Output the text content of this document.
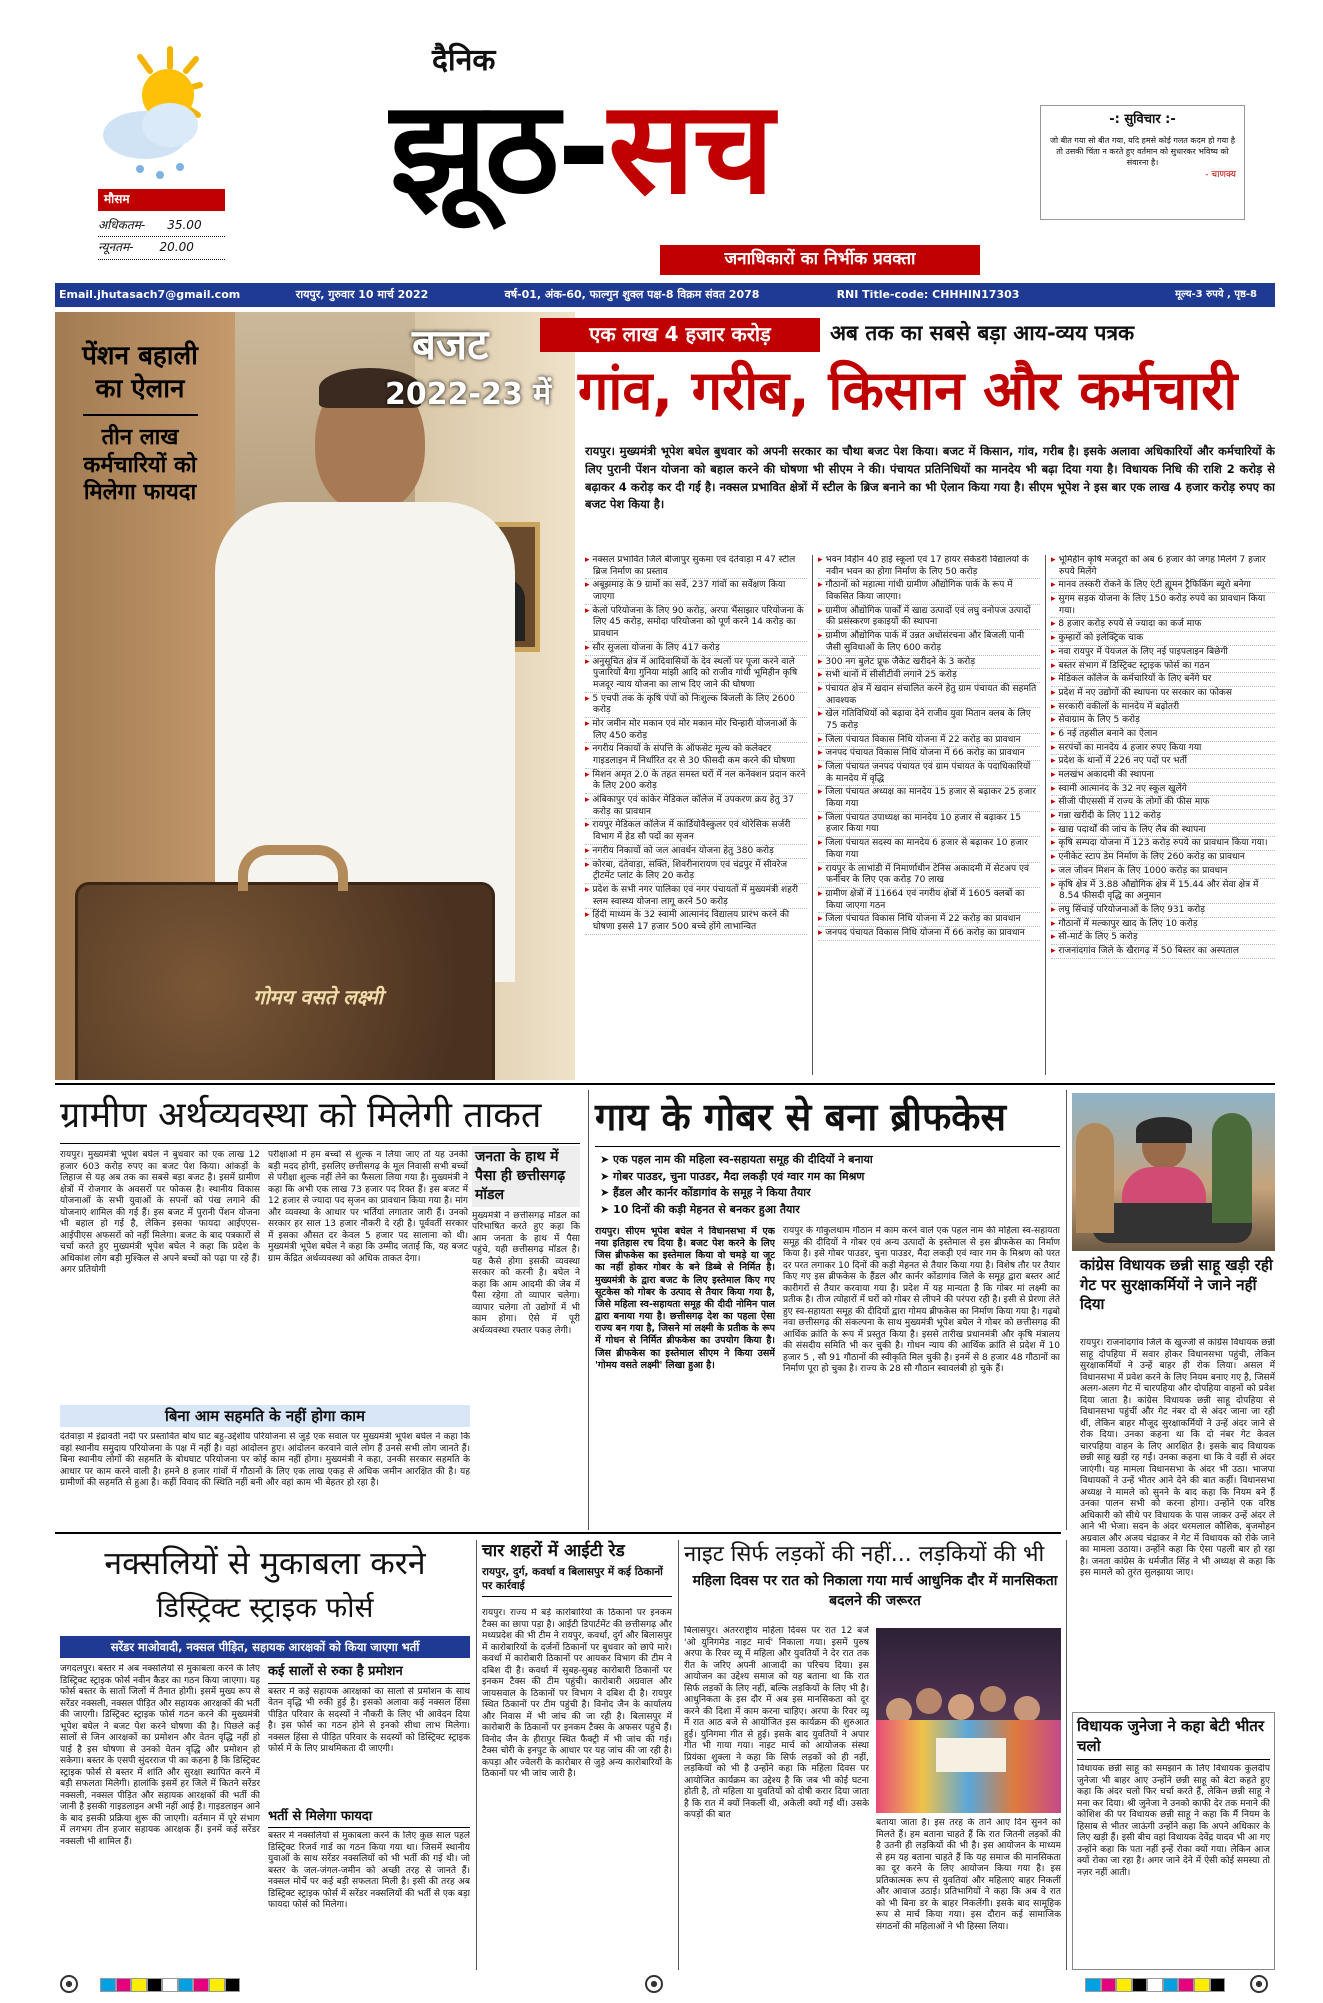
मौसम
अधिकतम- 35.00
न्यूनतम- 20.00
दैनिक
झूठ-सच
जनाधिकारों का निर्भीक प्रवक्ता
-: सुविचार :-
जो बीत गया सो बीत गया, यदि हमसे कोई गलत कदम हो गया है तो उसकी चिंता न करते हुए वर्तमान को सुधारकर भविष्य को संवारना है।
- चाणक्य
Email.jhutasach7@gmail.com	रायपुर, गुरुवार 10 मार्च 2022	वर्ष-01, अंक-60, फाल्गुन शुक्ल पक्ष-8 विक्रम संवत 2078	RNI Title-code: CHHHIN17303	मूल्य-3 रुपये , पृष्ठ-8
गोमय वसते लक्ष्मी
पेंशन बहाली का ऐलान
तीन लाख कर्मचारियों को मिलेगा फायदा
बजट
2022-23 में
एक लाख 4 हजार करोड़	अब तक का सबसे बड़ा आय-व्यय पत्रक
गांव, गरीब, किसान और कर्मचारी
रायपुर। मुख्यमंत्री भूपेश बघेल बुधवार को अपनी सरकार का चौथा बजट पेश किया। बजट में किसान, गांव, गरीब है। इसके अलावा अधिकारियों और कर्मचारियों के लिए पुरानी पेंशन योजना को बहाल करने की घोषणा भी सीएम ने की। पंचायत प्रतिनिधियों का मानदेय भी बढ़ा दिया गया है। विधायक निधि की राशि 2 करोड़ से बढ़ाकर 4 करोड़ कर दी गई है। नक्सल प्रभावित क्षेत्रों में स्टील के ब्रिज बनाने का भी ऐलान किया गया है। सीएम भूपेश ने इस बार एक लाख 4 हजार करोड़ रुपए का बजट पेश किया है।
▸ नक्सल प्रभावित जिले बीजापुर सुकमा एवं दंतेवाड़ा में 47 स्टील ब्रिज निर्माण का प्रस्ताव
▸ अबूझमाड़ के 9 ग्रामों का सर्वे, 237 गांवों का सर्वेक्षण किया जाएगा
▸ केलो परियोजना के लिए 90 करोड़, अरपा भैंसाझार परियोजना के लिए 45 करोड़, समोदा परियोजना को पूर्ण करने 14 करोड़ का प्रावधान
▸ सौर सुजला योजना के लिए 417 करोड़
▸ अनुसूचित क्षेत्र में आदिवासियों के देव स्थलों पर पूजा करने वाले पुजारियों बैगा गुनिया मांझी आदि को राजीव गांधी भूमिहीन कृषि मजदूर न्याय योजना का लाभ दिए जाने की घोषणा
▸ 5 एचपी तक के कृषि पंपों को निःशुल्क बिजली के लिए 2600 करोड़
▸ मोर जमीन मोर मकान एवं मोर मकान मोर चिन्हारी योजनाओं के लिए 450 करोड़
▸ नगरीय निकायों के संपत्ति के ऑफसेट मूल्य को कलेक्टर गाइडलाइन में निर्धारित दर से 30 फीसदी कम करने की घोषणा
▸ मिशन अमृत 2.0 के तहत समस्त घरों में नल कनेक्शन प्रदान करने के लिए 200 करोड़
▸ अंबिकापुर एवं कांकेर मेडिकल कॉलेज में उपकरण क्रय हेतु 37 करोड़ का प्रावधान
▸ रायपुर मेडिकल कॉलेज में कार्डियोवैस्कुलर एवं थोरेसिक सर्जरी विभाग में हेड सौ पदों का सृजन
▸ नगरीय निकायों को जल आवर्धन योजना हेतु 380 करोड़
▸ कोरबा, दंतेवाड़ा, सक्ति, शिवरीनारायण एवं चंद्रपुर में सीवरेज ट्रीटमेंट प्लांट के लिए 20 करोड़
▸ प्रदेश के सभी नगर पालिका एवं नगर पंचायतों में मुख्यमंत्री शहरी स्लम स्वास्थ्य योजना लागू करने 50 करोड़
▸ हिंदी माध्यम के 32 स्वामी आत्मानंद विद्यालय प्रारंभ करने की घोषणा इससे 17 हजार 500 बच्चे होंगे लाभान्वित
▸ भवन विहीन 40 हाई स्कूलों एवं 17 हायर सेकेंडरी विद्यालयों के नवीन भवन का होगा निर्माण के लिए 50 करोड़
▸ गौठानों को महात्मा गांधी ग्रामीण औद्योगिक पार्क के रूप में विकसित किया जाएगा।
▸ ग्रामीण औद्योगिक पार्कों में खाद्य उत्पादों एवं लघु वनोपज उत्पादों की प्रसंस्करण इकाइयों की स्थापना
▸ ग्रामीण औद्योगिक पार्क में उन्नत अधोसंरचना और बिजली पानी जैसी सुविधाओं के लिए 600 करोड़
▸ 300 नग बुलेट प्रूफ जैकेट खरीदने के 3 करोड़
▸ सभी थानों में सीसीटीवी लगाने 25 करोड़
▸ पंचायत क्षेत्र में खदान संचालित करने हेतु ग्राम पंचायत की सहमति आवश्यक
▸ खेल गतिविधियों को बढ़ावा देने राजीव युवा मितान क्लब के लिए 75 करोड़
▸ जिला पंचायत विकास निधि योजना में 22 करोड़ का प्रावधान
▸ जनपद पंचायत विकास निधि योजना में 66 करोड़ का प्रावधान
▸ जिला पंचायत जनपद पंचायत एवं ग्राम पंचायत के पदाधिकारियों के मानदेय में वृद्धि
▸ जिला पंचायत अध्यक्ष का मानदेय 15 हजार से बढ़ाकर 25 हजार किया गया
▸ जिला पंचायत उपाध्यक्ष का मानदेय 10 हजार से बढ़ाकर 15 हजार किया गया
▸ जिला पंचायत सदस्य का मानदेय 6 हजार से बढ़ाकर 10 हजार किया गया
▸ रायपुर के लाभांडी में निमार्णाधीन टेनिस अकादमी में सेटअप एवं फर्नीचर के लिए एक करोड़ 70 लाख
▸ ग्रामीण क्षेत्रों में 11664 एवं नगरीय क्षेत्रों में 1605 क्लबों का किया जाएगा गठन
▸ जिला पंचायत विकास निधि योजना में 22 करोड़ का प्रावधान
▸ जनपद पंचायत विकास निधि योजना में 66 करोड़ का प्रावधान
▸ भूमिहीन कृषि मजदूरों को अब 6 हजार की जगह मिलेंगे 7 हजार रुपये मिलेंगे
▸ मानव तस्करी रोकने के लिए एंटी ह्यूमन ट्रैफिकिंग ब्यूरो बनेगा
▸ सुगम सड़क योजना के लिए 150 करोड़ रुपये का प्रावधान किया गया।
▸ 8 हजार करोड़ रुपये से ज्यादा का कर्ज माफ
▸ कुम्हारों को इलेक्ट्रिक चाक
▸ नवा रायपुर में पेयजल के लिए नई पाइपलाइन बिछेगी
▸ बस्तर संभाग में डिस्ट्रिक्ट स्ट्राइक फोर्स का गठन
▸ मेडिकल कॉलेज के कर्मचारियों के लिए बनेंगे घर
▸ प्रदेश में नए उद्योगों की स्थापना पर सरकार का फोकस
▸ सरकारी वकीलों के मानदेय में बढ़ोतरी
▸ सेवाग्राम के लिए 5 करोड़
▸ 6 नई तहसील बनाने का ऐलान
▸ सरपंचों का मानदेय 4 हजार रुपए किया गया
▸ प्रदेश के थानों में 226 नए पदों पर भर्ती
▸ मलखंभ अकादमी की स्थापना
▸ स्वामी आत्मानंद के 32 नए स्कूल खुलेंगे
▸ सीजी पीएससी में राज्य के लोगों की फीस माफ
▸ गन्ना खरीदी के लिए 112 करोड़
▸ खाद्य पदार्थों की जांच के लिए लैब की स्थापना
▸ कृषि सम्पदा योजना में 123 करोड़ रुपये का प्रावधान किया गया।
▸ एनीकेट स्टाप डेम निर्माण के लिए 260 करोड़ का प्रावधान
▸ जल जीवन मिशन के लिए 1000 करोड़ का प्रावधान
▸ कृषि क्षेत्र में 3.88 औद्योगिक क्षेत्र में 15.44 और सेवा क्षेत्र में 8.54 फीसदी वृद्धि का अनुमान
▸ लघु सिंचाई परियोजनाओं के लिए 931 करोड़
▸ गौठानों में मल्कापुर खाद के लिए 10 करोड़
▸ सी-मार्ट के लिए 5 करोड़
▸ राजनांदगांव जिले के खैरागढ़ में 50 बिस्तर का अस्पताल
ग्रामीण अर्थव्यवस्था को मिलेगी ताकत
रायपुर। मुख्यमंत्री भूपेश बघेल ने बुधवार को एक लाख 12 हजार 603 करोड़ रुपए का बजट पेश किया। आंकड़ों के लिहाज से यह अब तक का सबसे बड़ा बजट है। इसमें ग्रामीण क्षेत्रों में रोजगार के अवसरों पर फोकस है। स्थानीय विकास योजनाओं के सभी युवाओं के सपनों को पंख लगाने की योजनाएं शामिल की गई हैं। इस बजट में पुरानी पेंशन योजना भी बहाल हो गई है, लेकिन इसका फायदा आईएएस-आईपीएस अफसरों को नहीं मिलेगा। बजट के बाद पत्रकारों से चर्चा करते हुए मुख्यमंत्री भूपेश बघेल ने कहा कि प्रदेश के अधिकांश लोग बड़ी मुश्किल से अपने बच्चों को पढ़ा पा रहे हैं। अगर प्रतियोगी
परीक्षाओं में हम बच्चों से शुल्क न लिया जाए तो यह उनकी बड़ी मदद होगी, इसलिए छत्तीसगढ़ के मूल निवासी सभी बच्चों से परीक्षा शुल्क नहीं लेने का फैसला लिया गया है। मुख्यमंत्री ने कहा कि अभी एक लाख 73 हजार पद रिक्त हैं। इस बजट में 12 हजार से ज्यादा पद सृजन का प्रावधान किया गया है। मांग और व्यवस्था के आधार पर भर्तियां लगातार जारी हैं। उनको सरकार हर साल 13 हजार नौकरी दे रही है। पूर्ववर्ती सरकार में इसका औसत दर केवल 5 हजार पद सालाना को थी। मुख्यमंत्री भूपेश बघेल ने कहा कि उम्मीद जताई कि, यह बजट ग्राम केंद्रित अर्थव्यवस्था को अधिक ताकत देगा।
जनता के हाथ में पैसा ही छत्तीसगढ़ मॉडल
मुख्यमंत्री ने छत्तीसगढ़ मॉडल को परिभाषित करते हुए कहा कि आम जनता के हाथ में पैसा पहुंचे, यही छत्तीसगढ़ मॉडल है। यह कैसे होगा इसकी व्यवस्था सरकार को करनी है। बघेल ने कहा कि आम आदमी की जेब में पैसा रहेगा तो व्यापार चलेगा। व्यापार चलेगा तो उद्योगों में भी काम होगा। ऐसे में पूरी अर्थव्यवस्था रफ्तार पकड़ लेगी।
बिना आम सहमति के नहीं होगा काम
दंतेवाड़ा में इंद्रावती नदी पर प्रस्तावित बोध घाट बहु-उद्देशीय परियोजना से जुड़े एक सवाल पर मुख्यमंत्री भूपेश बघेल ने कहा कि वहां स्थानीय समुदाय परियोजना के पक्ष में नहीं है। वहां आंदोलन हुए। आंदोलन करवाने वाले लोग हैं उनसे सभी लोग जानते हैं। बिना स्थानीय लोगों की सहमति के बोधघाट परियोजना पर कोई काम नहीं होगा। मुख्यमंत्री ने कहा, उनकी सरकार सहमति के आधार पर काम करने वाली है। हमने 8 हजार गांवों में गौठानों के लिए एक लाख एकड़ से अधिक जमीन आरक्षित की है। यह ग्रामीणों की सहमति से हुआ है। कहीं विवाद की स्थिति नहीं बनी और वहां काम भी बेहतर हो रहा है।
गाय के गोबर से बना ब्रीफकेस
➤ एक पहल नाम की महिला स्व-सहायता समूह की दीदियों ने बनाया
➤ गोबर पाउडर, चुना पाउडर, मैदा लकड़ी एवं ग्वार गम का मिश्रण
➤ हैंडल और कार्नर कोंडागांव के समूह ने किया तैयार
➤ 10 दिनों की कड़ी मेहनत से बनकर हुआ तैयार
रायपुर। सीएम भूपेश बघेल ने विधानसभा में एक नया इतिहास रच दिया है। बजट पेश करने के लिए जिस ब्रीफकेस का इस्तेमाल किया वो चमड़े या जूट का नहीं होकर गोबर के बने डिब्बे से निर्मित है। मुख्यमंत्री के द्वारा बजट के लिए इस्तेमाल किए गए सूटकेस को गोबर के उत्पाद से तैयार किया गया है, जिसे महिला स्व-सहायता समूह की दीदी नोमिन पाल द्वारा बनाया गया है। छत्तीसगढ़ देश का पहला ऐसा राज्य बन गया है, जिसने मां लक्ष्मी के प्रतीक के रूप में गोधन से निर्मित ब्रीफकेस का उपयोग किया है। जिस ब्रीफकेस का इस्तेमाल सीएम ने किया उसमें 'गोमय वसते लक्ष्मी' लिखा हुआ है।
रायपुर के गोकुलधाम गौठान में काम करने वाले एक पहल नाम की महिला स्व-सहायता समूह की दीदियों ने गोबर एवं अन्य उत्पादों के इस्तेमाल से इस ब्रीफकेस का निर्माण किया है। इसे गोबर पाउडर, चुना पाउडर, मैदा लकड़ी एवं ग्वार गम के मिश्रण को परत दर परत लगाकर 10 दिनों की कड़ी मेहनत से तैयार किया गया है। विशेष तौर पर तैयार किए गए इस ब्रीफकेस के हैंडल और कार्नर कोंडागांव जिले के समूह द्वारा बस्तर आर्ट कारीगरों से तैयार करवाया गया है। प्रदेश में यह मान्यता है कि गोबर मां लक्ष्मी का प्रतीक है। तीज त्योहारों में घरों को गोबर से लीपने की परंपरा रही है। इसी से प्रेरणा लेते हुए स्व-सहायता समूह की दीदियों द्वारा गोमय ब्रीफकेस का निर्माण किया गया है। गढ़बो नवा छत्तीसगढ़ की संकल्पना के साथ मुख्यमंत्री भूपेश बघेल ने गोबर को छत्तीसगढ़ की आर्थिक क्रांति के रूप में प्रस्तुत किया है। इससे तारीख प्रधानमंत्री और कृषि मंत्रालय की संसदीय समिति भी कर चुकी है। गोधन न्याय की आर्थिक क्रांति से प्रदेश में 10 हजार 5 , सौ 91 गौठानों की स्वीकृति मिल चुकी है। इनमें से 8 हजार 48 गौठानों का निर्माण पूरा हो चुका है। राज्य के 28 सौ गौठान स्वावलंबी हो चुके हैं।
कांग्रेस विधायक छन्नी साहू खड़ी रही गेट पर सुरक्षाकर्मियों ने जाने नहीं दिया
रायपुर। राजनांदगांव जिले के खुज्जी से कांग्रेस विधायक छन्नी साहू दोपहिया में सवार होकर विधानसभा पहुंची, लेकिन सुरक्षाकर्मियों ने उन्हें बाहर ही रोक लिया। असल में विधानसभा में प्रवेश करने के लिए नियम बनाए गए है, जिसमें अलग-अलग गेट में चारपहिया और दोपहिया वाहनों को प्रवेश दिया जाता है। कांग्रेस विधायक छन्नी साहू दोपहिया से विधानसभा पहुंचीं और गेट नंबर दो से अंदर जाना जा रही थीं, लेकिन बाहर मौजूद सुरक्षाकर्मियों ने उन्हें अंदर जाने से रोक दिया। उनका कहना था कि दो नंबर गेट केवल चारपहिया वाहन के लिए आरक्षित है। इसके बाद विधायक छन्नी साहू खड़ी रह गईं। उनका कहना था कि वे वहीं से अंदर जाएंगी। यह मामला विधानसभा के अंदर भी उठा। भाजपा विधायकों ने उन्हें भीतर आने देने की बात कहीं। विधानसभा अध्यक्ष ने मामले को सुनने के बाद कहा कि नियम बने हैं उनका पालन सभी को करना होगा। उन्होंने एक वरिष्ठ अधिकारी को सीधे पर विधायक के पास जाकर उन्हें अंदर ले आने भी भेजा। सदन के अंदर धरमलाल कौशिक, बृजमोहन अग्रवाल और अजय चंद्राकर ने गेट में विधायक को रोके जाने का मामला उठाया। उन्होंने कहा कि ऐसा पहली बार हो रहा है। जनता कांग्रेस के धर्मजीत सिंह ने भी अध्यक्ष से कहा कि इस मामले को तुरंत सुलझाया जाए।
नक्सलियों से मुकाबला करने
डिस्ट्रिक्ट स्ट्राइक फोर्स
सरेंडर माओवादी, नक्सल पीड़ित, सहायक आरक्षकों को किया जाएगा भर्ती
जगदलपुर। बस्तर में अब नक्सलियों से मुकाबला करने के लिए डिस्ट्रिक्ट स्ट्राइक फोर्स नवीन कैडर का गठन किया जाएगा। यह फोर्स बस्तर के सातों जिलों में तैनात होगी। इसमें मुख्य रूप से सरेंडर नक्सली, नक्सल पीड़ित और सहायक आरक्षकों की भर्ती की जाएगी। डिस्ट्रिक्ट स्ट्राइक फोर्स गठन करने की मुख्यमंत्री भूपेश बघेल ने बजट पेश करने घोषणा की है। पिछले कई सालों से जिन आरक्षकों का प्रमोशन और वेतन वृद्धि नहीं हो पाई है इस घोषणा से उनको वेतन वृद्धि और प्रमोशन हो सकेगा। बस्तर के एसपी सुंदरराज पी का कहना है कि डिस्ट्रिक्ट स्ट्राइक फोर्स से बस्तर में शांति और सुरक्षा स्थापित करने में बड़ी सफलता मिलेगी। हालांकि इसमें हर जिले में कितने सरेंडर नक्सली, नक्सल पीड़ित और सहायक आरक्षकों की भर्ती की जानी है इसकी गाइडलाइन अभी नहीं आई है। गाइडलाइन आने के बाद इसकी प्रक्रिया शुरू की जाएगी। वर्तमान में पूरे संभाग में लगभग तीन हजार सहायक आरक्षक हैं। इनमें कई सरेंडर नक्सली भी शामिल हैं।
कई सालों से रुका है प्रमोशन
बस्तर में कई सहायक आरक्षकों का सालों से प्रमोशन के साथ वेतन वृद्धि भी रुकी हुई है। इसको अलावा कई नक्सल हिंसा पीड़ित परिवार के सदस्यों ने नौकरी के लिए भी आवेदन दिया है। इस फोर्स का गठन होने से इनको सीधा लाभ मिलेगा। नक्सल हिंसा से पीड़ित परिवार के सदस्यों को डिस्ट्रिक्ट स्ट्राइक फोर्स में के लिए प्राथमिकता दी जाएगी।
भर्ती से मिलेगा फायदा
बस्तर में नक्सलियों से मुकाबला करने के लिए कुछ साल पहले डिस्ट्रिक्ट रिजर्व गार्ड का गठन किया गया था। जिसमें स्थानीय युवाओं के साथ सरेंडर नक्सलियों को भी भर्ती की गई थी। जो बस्तर के जल-जंगल-जमीन को अच्छी तरह से जानते हैं। नक्सल मोर्चे पर कई बड़ी सफलता मिली है। इसी की तरह अब डिस्ट्रिक्ट स्ट्राइक फोर्स में सरेंडर नक्सलियों की भर्ती से एक बड़ा फायदा फोर्स को मिलेगा।
चार शहरों में आईटी रेड
रायपुर, दुर्ग, कवर्धा व बिलासपुर में कई ठिकानों पर कार्रवाई
रायपुर। राज्य में बड़े कारोबारियों के ठिकानों पर इनकम टैक्स का छापा पड़ा है। आईटी डिपार्टमेंट की छत्तीसगढ़ और मध्यप्रदेश की भी टीम ने रायपुर, कवर्धा, दुर्ग और बिलासपुर में कारोबारियों के दर्जनों ठिकानों पर बुधवार को छापे मारे। कवर्धा में कारोबारी ठिकानों पर आयकर विभाग की टीम ने दबिश दी है। कवर्धा में सुबह-सुबह कारोबारी ठिकानों पर इनकम टैक्स की टीम पहुंची। कारोबारी अग्रवाल और जायसवाल के ठिकानों पर विभाग ने दबिश दी है। रायपुर स्थित ठिकानों पर टीम पहुंची है। विनोद जैन के कार्यालय और निवास में भी जांच की जा रही है। बिलासपुर में कारोबारी के ठिकानों पर इनकम टैक्स के अफसर पहुंचे हैं। विनोद जैन के हीरापुर स्थित फैक्ट्री में भी जांच की गई। टैक्स चोरी के इनपुट के आधार पर यह जांच की जा रही है। कपड़ा और ज्वेलरी के कारोबार से जुड़े अन्य कारोबारियों के ठिकानों पर भी जांच जारी है।
नाइट सिर्फ लड़कों की नहीं... लड़कियों की भी
महिला दिवस पर रात को निकाला गया मार्च आधुनिक दौर में मानसिकता बदलने की जरूरत
बिलासपुर। अंतरराष्ट्रीय महिला दिवस पर रात 12 बजे 'ओ युनिगमेड नाइट मार्च' निकाला गया। इसमें पुरुष अरपा के रिवर व्यू में महिला और युवतियों ने देर रात तक रीत के जरिए अपनी आजादी का परिचय दिया। इस आयोजन का उद्देश्य समाज को यह बताना था कि रात सिर्फ लड़कों के लिए नहीं, बल्कि लड़कियों के लिए भी है। आधुनिकता के इस दौर में अब इस मानसिकता को दूर करने की दिशा में काम करना चाहिए। अरपा के रिवर व्यू में रात आठ बजे से आयोजित इस कार्यक्रम की शुरुआत हुई। युनिगमा गीत से हुई। इसके बाद युवतियों ने अपार गीत भी गाया गया। नाइट मार्च को आयोजक संस्था प्रियंका शुक्ला ने कहा कि सिर्फ लड़कों को ही नहीं, लड़कियों को भी है उन्होंने कहा कि महिला दिवस पर आयोजित कार्यक्रम का उद्देश्य है कि जब भी कोई घटना होती है, तो महिला या युवतियों को दोषी करार दिया जाता है कि रात में क्यों निकलीं थी, अकेली क्यों गईं थीं। उसके कपड़ों की बात
बताया जाता है। इस तरह के ताने आए दिन सुनने को मिलते हैं। हम बताना चाहते हैं कि रात जितनी लड़कों की है उतनी ही लड़कियों की भी है। इस आयोजन के माध्यम से हम यह बताना चाहते हैं कि यह समाज की मानसिकता का दूर करने के लिए आयोजन किया गया है। इस प्रतिकात्मक रूप से युवतियां और महिलाएं बाहर निकलीं और आवाज उठाई। प्रतिभागियों ने कहा कि अब वे रात को भी बिना डर के बाहर निकलेंगी। इसके बाद सामूहिक रूप से मार्च किया गया। इस दौरान कई सामाजिक संगठनों की महिलाओं ने भी हिस्सा लिया।
विधायक जुनेजा ने कहा बेटी भीतर चलो
विधायक छन्नी साहू को समझाने के लिए विधायक कुलदीप जुनेजा भी बाहर आए उन्होंने छन्नी साहू को बेटा कहते हुए कहा कि अंदर चलो फिर चर्चा करते हैं, लेकिन छन्नी साहू ने मना कर दिया। श्री जुनेजा ने उनको काफी देर तक मनाने की कोशिश की पर विधायक छन्नी साहू ने कहा कि मैं नियम के हिसाब से भीतर जाऊंगी उन्होंने कहा कि अपने अधिकार के लिए खड़ी हैं। इसी बीच वहां विधायक देवेंद्र यादव भी आ गए उन्होंने कहा कि पता नहीं इन्हें रोका क्यों गया। लेकिन आज क्यों रोका जा रहा है। अगर जाने देने में ऐसी कोई समस्या तो नज़र नहीं आती।
